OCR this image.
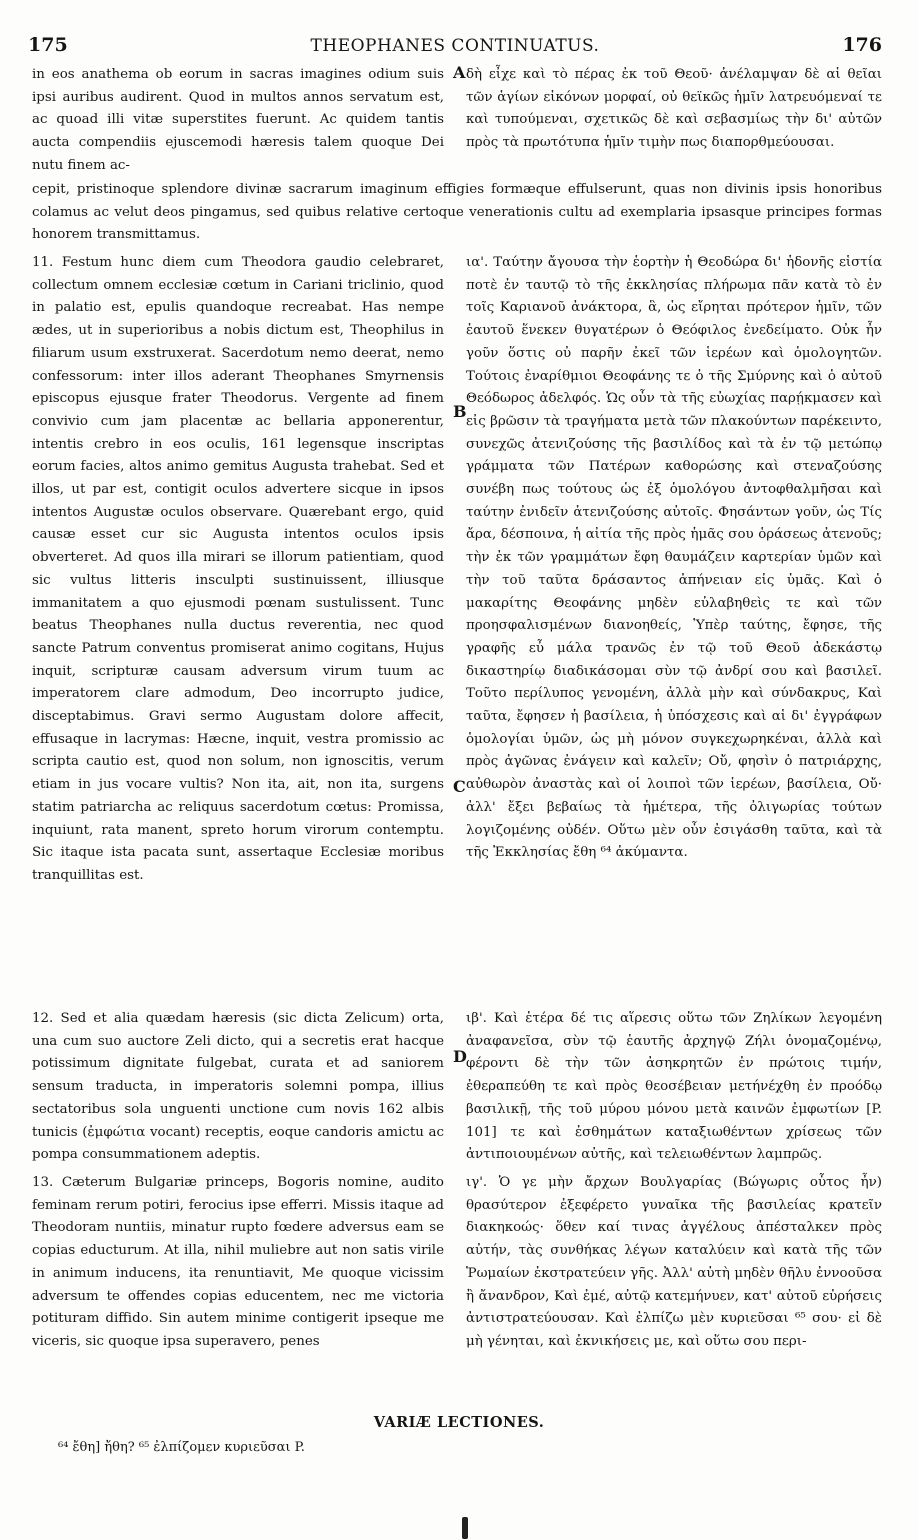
175	THEOPHANES CONTINUATUS.	176
A
B
C
D

in eos anathema ob eorum in sacras imagines odium suis ipsi auribus audirent. Quod in multos annos servatum est, ac quoad illi vitæ superstites fuerunt. Ac quidem tantis aucta compendiis ejuscemodi hæresis talem quoque Dei nutu finem ac-

δὴ εἶχε καὶ τὸ πέρας ἐκ τοῦ Θεοῦ· ἀνέλαμψαν δὲ αἱ θεῖαι τῶν ἁγίων εἰκόνων μορφαί, οὐ θεϊκῶς ἡμῖν λατρευόμεναί τε καὶ τυπούμεναι, σχετικῶς δὲ καὶ σεβασμίως τὴν δι' αὐτῶν πρὸς τὰ πρωτότυπα ἡμῖν τιμὴν πως διαπορθμεύουσαι.

cepit, pristinoque splendore divinæ sacrarum imaginum effigies formæque effulserunt, quas non divinis ipsis honoribus colamus ac velut deos pingamus, sed quibus relative certoque venerationis cultu ad exemplaria ipsasque principes formas honorem transmittamus.

11. Festum hunc diem cum Theodora gaudio celebraret, collectum omnem ecclesiæ cœtum in Cariani triclinio, quod in palatio est, epulis quandoque recreabat. Has nempe ædes, ut in superioribus a nobis dictum est, Theophilus in filiarum usum exstruxerat. Sacerdotum nemo deerat, nemo confessorum: inter illos aderant Theophanes Smyrnensis episcopus ejusque frater Theodorus. Vergente ad finem convivio cum jam placentæ ac bellaria apponerentur, intentis crebro in eos oculis, 161 legensque inscriptas eorum facies, altos animo gemitus Augusta trahebat. Sed et illos, ut par est, contigit oculos advertere sicque in ipsos intentos Augustæ oculos observare. Quærebant ergo, quid causæ esset cur sic Augusta intentos oculos ipsis obverteret. Ad quos illa mirari se illorum patientiam, quod sic vultus litteris insculpti sustinuissent, illiusque immanitatem a quo ejusmodi pœnam sustulissent. Tunc beatus Theophanes nulla ductus reverentia, nec quod sancte Patrum conventus promiserat animo cogitans, Hujus inquit, scripturæ causam adversum virum tuum ac imperatorem clare admodum, Deo incorrupto judice, disceptabimus. Gravi sermo Augustam dolore affecit, effusaque in lacrymas: Hæcne, inquit, vestra promissio ac scripta cautio est, quod non solum, non ignoscitis, verum etiam in jus vocare vultis? Non ita, ait, non ita, surgens statim patriarcha ac reliquus sacerdotum cœtus: Promissa, inquiunt, rata manent, spreto horum virorum contemptu. Sic itaque ista pacata sunt, assertaque Ecclesiæ moribus tranquillitas est.

ια'. Ταύτην ἄγουσα τὴν ἑορτὴν ἡ Θεοδώρα δι' ἡδονῆς εἱστία ποτὲ ἐν ταυτῷ τὸ τῆς ἐκκλησίας πλήρωμα πᾶν κατὰ τὸ ἐν τοῖς Καριανοῦ ἀνάκτορα, ἃ, ὡς εἴρηται πρότερον ἡμῖν, τῶν ἑαυτοῦ ἕνεκεν θυγατέρων ὁ Θεόφιλος ἐνεδείματο. Οὐκ ἦν γοῦν ὅστις οὐ παρῆν ἐκεῖ τῶν ἱερέων καὶ ὁμολογητῶν. Τούτοις ἐναρίθμιοι Θεοφάνης τε ὁ τῆς Σμύρνης καὶ ὁ αὐτοῦ Θεόδωρος ἀδελφός. Ὡς οὖν τὰ τῆς εὐωχίας παρῄκμασεν καὶ εἰς βρῶσιν τὰ τραγήματα μετὰ τῶν πλακούντων παρέκειντο, συνεχῶς ἀτενιζούσης τῆς βασιλίδος καὶ τὰ ἐν τῷ μετώπῳ γράμματα τῶν Πατέρων καθορώσης καὶ στεναζούσης συνέβη πως τούτους ὡς ἐξ ὁμολόγου ἀντοφθαλμῆσαι καὶ ταύτην ἐνιδεῖν ἀτενιζούσης αὐτοῖς. Φησάντων γοῦν, ὡς Τίς ἄρα, δέσποινα, ἡ αἰτία τῆς πρὸς ἡμᾶς σου ὁράσεως ἀτενοῦς; τὴν ἐκ τῶν γραμμάτων ἔφη θαυμάζειν καρτερίαν ὑμῶν καὶ τὴν τοῦ ταῦτα δράσαντος ἀπήνειαν εἰς ὑμᾶς. Καὶ ὁ μακαρίτης Θεοφάνης μηδὲν εὐλαβηθεὶς τε καὶ τῶν προησφαλισμένων διανοηθείς, Ὑπὲρ ταύτης, ἔφησε, τῆς γραφῆς εὖ μάλα τρανῶς ἐν τῷ τοῦ Θεοῦ ἀδεκάστῳ δικαστηρίῳ διαδικάσομαι σὺν τῷ ἀνδρί σου καὶ βασιλεῖ. Τοῦτο περίλυπος γενομένη, ἀλλὰ μὴν καὶ σύνδακρυς, Καὶ ταῦτα, ἔφησεν ἡ βασίλεια, ἡ ὑπόσχεσις καὶ αἱ δι' ἐγγράφων ὁμολογίαι ὑμῶν, ὡς μὴ μόνον συγκεχωρηκέναι, ἀλλὰ καὶ πρὸς ἀγῶνας ἐνάγειν καὶ καλεῖν; Οὔ, φησὶν ὁ πατριάρχης, αὐθωρὸν ἀναστὰς καὶ οἱ λοιποὶ τῶν ἱερέων, βασίλεια, Οὔ· ἀλλ' ἔξει βεβαίως τὰ ἡμέτερα, τῆς ὀλιγωρίας τούτων λογιζομένης οὐδέν. Οὕτω μὲν οὖν ἐσιγάσθη ταῦτα, καὶ τὰ τῆς Ἐκκλησίας ἔθη ⁶⁴ ἀκύμαντα.

12. Sed et alia quædam hæresis (sic dicta Zelicum) orta, una cum suo auctore Zeli dicto, qui a secretis erat hacque potissimum dignitate fulgebat, curata et ad saniorem sensum traducta, in imperatoris solemni pompa, illius sectatoribus sola unguenti unctione cum novis 162 albis tunicis (ἐμφώτια vocant) receptis, eoque candoris amictu ac pompa consummationem adeptis.

ιβ'. Καὶ ἑτέρα δέ τις αἵρεσις οὕτω τῶν Ζηλίκων λεγομένη ἀναφανεῖσα, σὺν τῷ ἑαυτῆς ἀρχηγῷ Ζήλι ὀνομαζομένῳ, φέροντι δὲ τὴν τῶν ἀσηκρητῶν ἐν πρώτοις τιμήν, ἐθεραπεύθη τε καὶ πρὸς θεοσέβειαν μετήνέχθη ἐν προόδῳ βασιλικῇ, τῆς τοῦ μύρου μόνου μετὰ καινῶν ἐμφωτίων [P. 101] τε καὶ ἐσθημάτων καταξιωθέντων χρίσεως τῶν ἀντιποιουμένων αὐτῆς, καὶ τελειωθέντων λαμπρῶς.

13. Cæterum Bulgariæ princeps, Bogoris nomine, audito feminam rerum potiri, ferocius ipse efferri. Missis itaque ad Theodoram nuntiis, minatur rupto fœdere adversus eam se copias educturum. At illa, nihil muliebre aut non satis virile in animum inducens, ita renuntiavit, Me quoque vicissim adversum te offendes copias educentem, nec me victoria potituram diffido. Sin autem minime contigerit ipseque me viceris, sic quoque ipsa superavero, penes

ιγ'. Ὁ γε μὴν ἄρχων Βουλγαρίας (Βώγωρις οὗτος ἦν) θρασύτερον ἐξεφέρετο γυναῖκα τῆς βασιλείας κρατεῖν διακηκοώς· ὅθεν καί τινας ἀγγέλους ἀπέσταλκεν πρὸς αὐτήν, τὰς συνθήκας λέγων καταλύειν καὶ κατὰ τῆς τῶν Ῥωμαίων ἐκστρατεύειν γῆς. Ἀλλ' αὐτὴ μηδὲν θῆλυ ἐννοοῦσα ἢ ἄνανδρον, Καὶ ἐμέ, αὐτῷ κατεμήνυεν, κατ' αὐτοῦ εὑρήσεις ἀντιστρατεύουσαν. Καὶ ἐλπίζω μὲν κυριεῦσαι ⁶⁵ σου· εἰ δὲ μὴ γένηται, καὶ ἐκνικήσεις με, καὶ οὕτω σου περι-

VARIÆ LECTIONES.
⁶⁴ ἔθη] ἤθη? ⁶⁵ ἐλπίζομεν κυριεῦσαι P.
